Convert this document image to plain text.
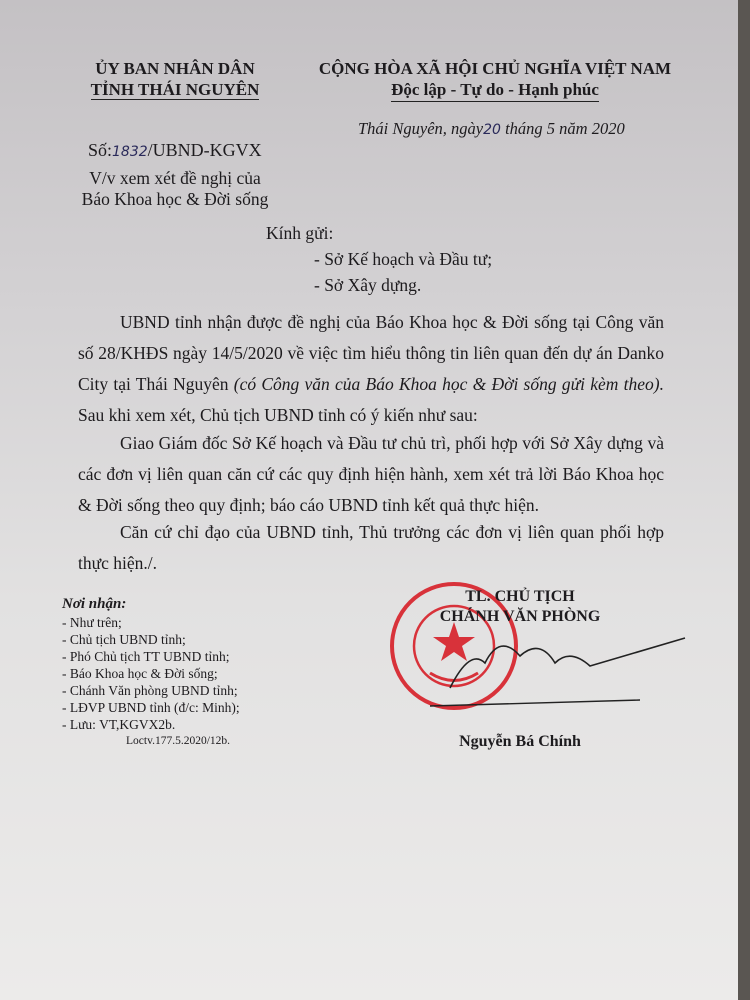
ỦY BAN NHÂN DÂN
TỈNH THÁI NGUYÊN
Số:1832/UBND-KGVX
V/v xem xét đề nghị của
Báo Khoa học & Đời sống
CỘNG HÒA XÃ HỘI CHỦ NGHĨA VIỆT NAM
Độc lập - Tự do - Hạnh phúc
Thái Nguyên, ngày20 tháng 5 năm 2020
Kính gửi:
- Sở Kế hoạch và Đầu tư;
- Sở Xây dựng.
UBND tỉnh nhận được đề nghị của Báo Khoa học & Đời sống tại Công văn số 28/KHĐS ngày 14/5/2020 về việc tìm hiểu thông tin liên quan đến dự án Danko City tại Thái Nguyên (có Công văn của Báo Khoa học & Đời sống gửi kèm theo). Sau khi xem xét, Chủ tịch UBND tỉnh có ý kiến như sau:
Giao Giám đốc Sở Kế hoạch và Đầu tư chủ trì, phối hợp với Sở Xây dựng và các đơn vị liên quan căn cứ các quy định hiện hành, xem xét trả lời Báo Khoa học & Đời sống theo quy định; báo cáo UBND tỉnh kết quả thực hiện.
Căn cứ chỉ đạo của UBND tỉnh, Thủ trưởng các đơn vị liên quan phối hợp thực hiện./.
Nơi nhận:
- Như trên;
- Chủ tịch UBND tỉnh;
- Phó Chủ tịch TT UBND tỉnh;
- Báo Khoa học & Đời sống;
- Chánh Văn phòng UBND tỉnh;
- LĐVP UBND tỉnh (đ/c: Minh);
- Lưu: VT,KGVX2b.
Loctv.177.5.2020/12b.
TL. CHỦ TỊCH
CHÁNH VĂN PHÒNG
Nguyễn Bá Chính
